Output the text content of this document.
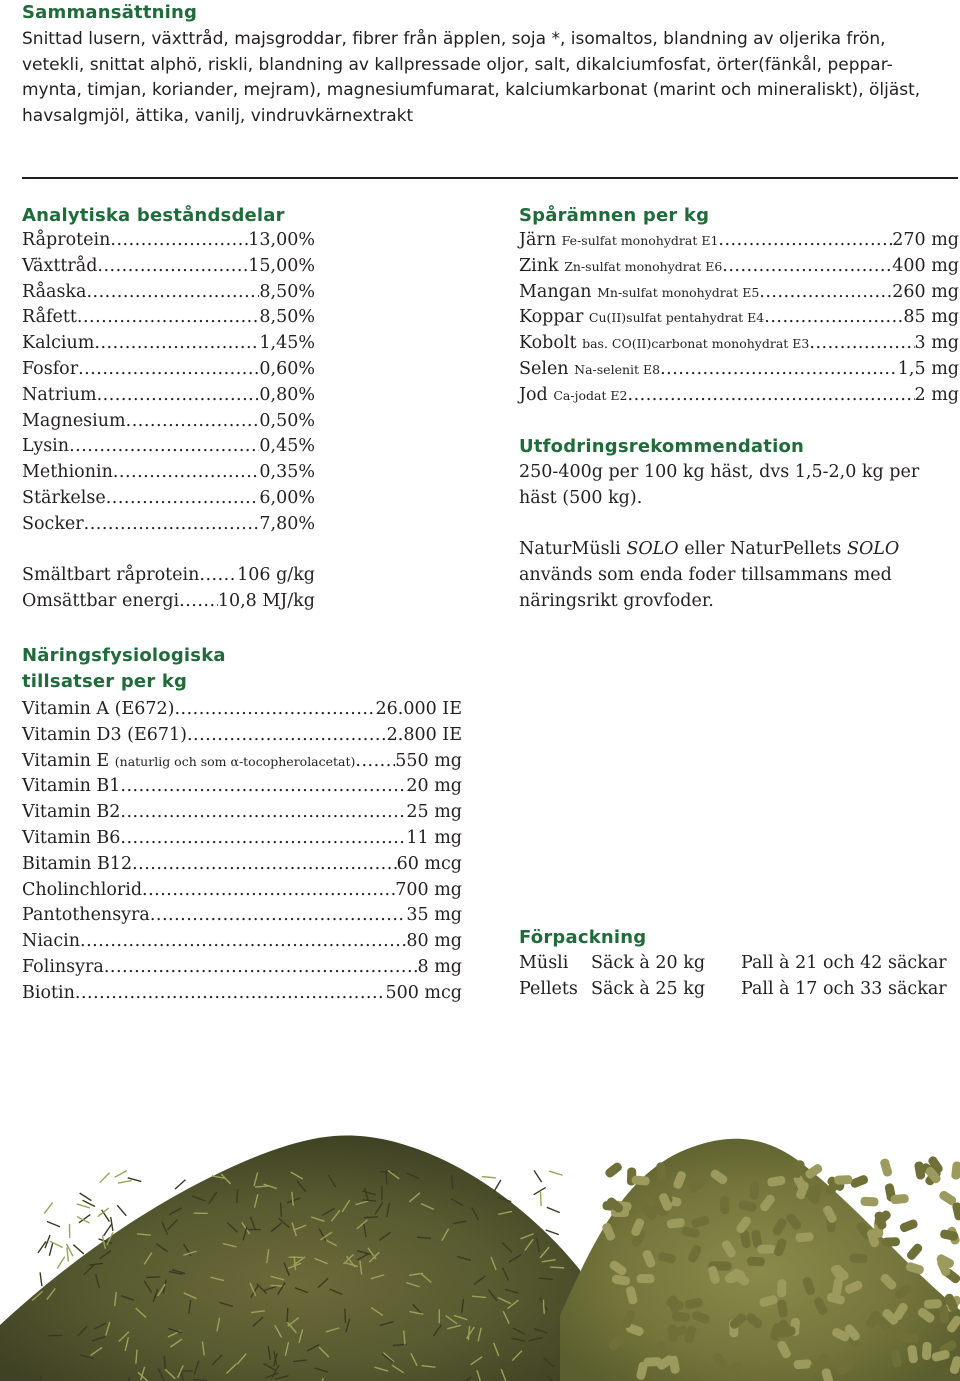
Sammansättning

Snittad lusern, växttråd, majsgroddar, fibrer från äpplen, soja *, isomaltos, blandning av oljerika frön, vetekli, snittat alphö, riskli, blandning av kallpressade oljor, salt, dikalciumfosfat, örter(fänkål, peppar-mynta, timjan, koriander, mejram), magnesiumfumarat, kalciumkarbonat (marint och mineraliskt), öljäst, havsalgmjöl, ättika, vanilj, vindruvkärnextrakt

Analytiska beståndsdelar
Råprotein .....	13,00%
Växttråd .....	15,00%
Råaska .....	8,50%
Råfett .....	8,50%
Kalcium .....	1,45%
Fosfor .....	0,60%
Natrium .....	0,80%
Magnesium .....	0,50%
Lysin .....	0,45%
Methionin .....	0,35%
Stärkelse .....	6,00%
Socker .....	7,80%
Smältbart råprotein ..... 106 g/kg
Omsättbar energi ..... 10,8 MJ/kg
Näringsfysiologiska
tillsatser per kg
Vitamin A (E672) .....	26.000 IE
Vitamin D3 (E671) .....	2.800 IE
Vitamin E (naturlig och som α-tocopherolacetat) ..... 550 mg
Vitamin B1 .....	20 mg
Vitamin B2 .....	25 mg
Vitamin B6 .....	11 mg
Bitamin B12 .....	60 mcg
Cholinchlorid .....	700 mg
Pantothensyra .....	35 mg
Niacin .....	80 mg
Folinsyra .....	8 mg
Biotin .....	500 mcg
Spårämnen per kg
Järn Fe-sulfat monohydrat E1 .....	270 mg
Zink Zn-sulfat monohydrat E6 .....	400 mg
Mangan Mn-sulfat monohydrat E5 .....	260 mg
Koppar Cu(II)sulfat pentahydrat E4 .....	85 mg
Kobolt bas. CO(II)carbonat monohydrat E3 .....	3 mg
Selen Na-selenit E8 .....	1,5 mg
Jod Ca-jodat E2 .....	2 mg
Utfodringsrekommendation

250-400g per 100 kg häst, dvs 1,5-2,0 kg per häst (500 kg).

NaturMüsli SOLO eller NaturPellets SOLO används som enda foder tillsammans med näringsrikt grovfoder.

Förpackning
Müsli	Säck à 20 kg	Pall à 21 och 42 säckar
Pellets Säck à 25 kg	Pall à 17 och 33 säckar
